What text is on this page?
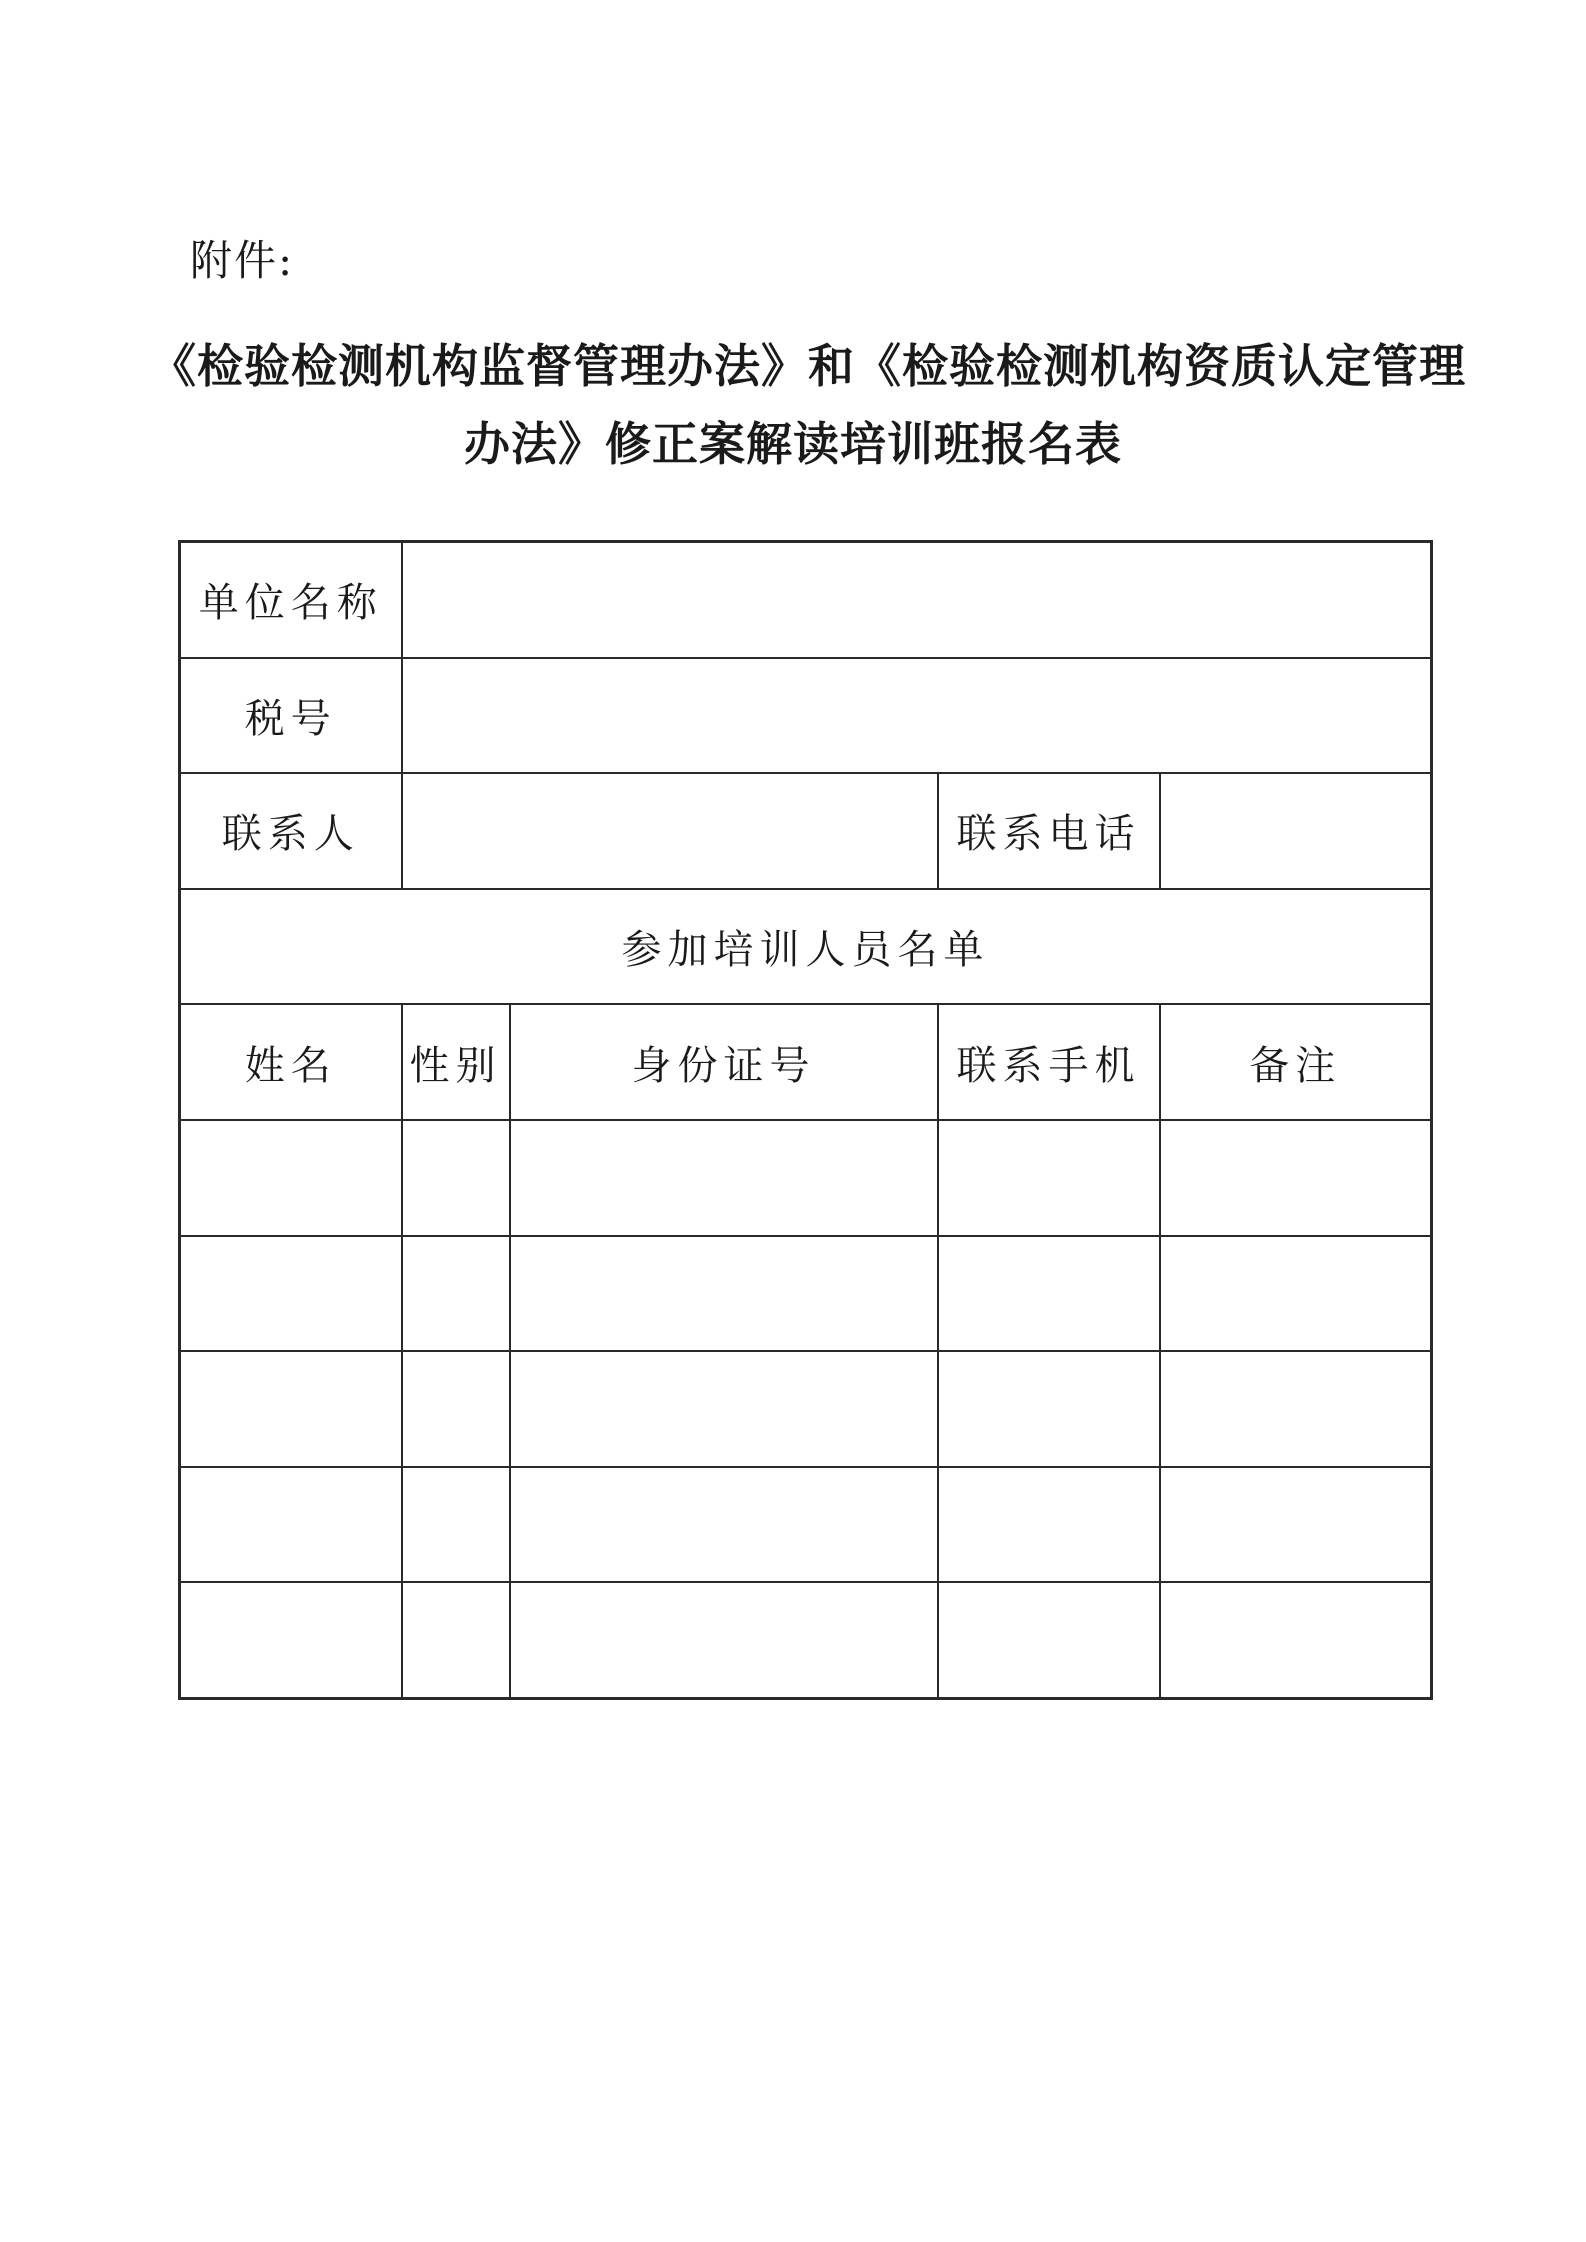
附件:
《检验检测机构监督管理办法》和《检验检测机构资质认定管理
办法》修正案解读培训班报名表
单位名称				
税号				
联系人			联系电话	
参加培训人员名单				
姓名	性别	身份证号	联系手机	备注
